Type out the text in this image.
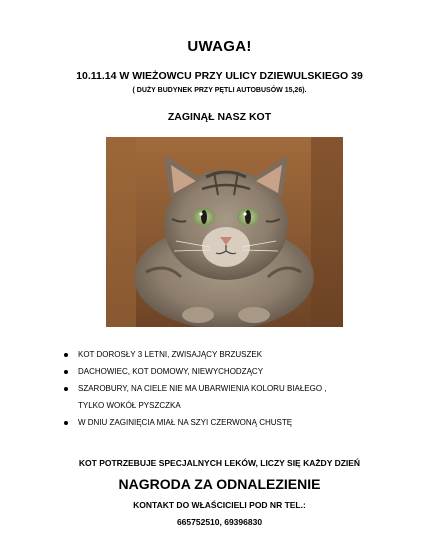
UWAGA!
10.11.14 W WIEŻOWCU PRZY ULICY DZIEWULSKIEGO 39
( DUŻY BUDYNEK PRZY PĘTLI AUTOBUSÓW 15,26).
ZAGINĄŁ NASZ KOT
KOT DOROSŁY 3 LETNI, ZWISAJĄCY BRZUSZEK
DACHOWIEC, KOT DOMOWY, NIEWYCHODZĄCY
SZAROBURY, NA CIELE NIE MA UBARWIENIA KOLORU BIAŁEGO ,
TYLKO WOKÓŁ PYSZCZKA
W DNIU ZAGINIĘCIA MIAŁ NA SZYI CZERWONĄ CHUSTĘ
KOT POTRZEBUJE SPECJALNYCH LEKÓW, LICZY SIĘ KAŻDY DZIEŃ
NAGRODA ZA ODNALEZIENIE
KONTAKT DO WŁAŚCICIELI POD NR TEL.:
665752510, 69396830
